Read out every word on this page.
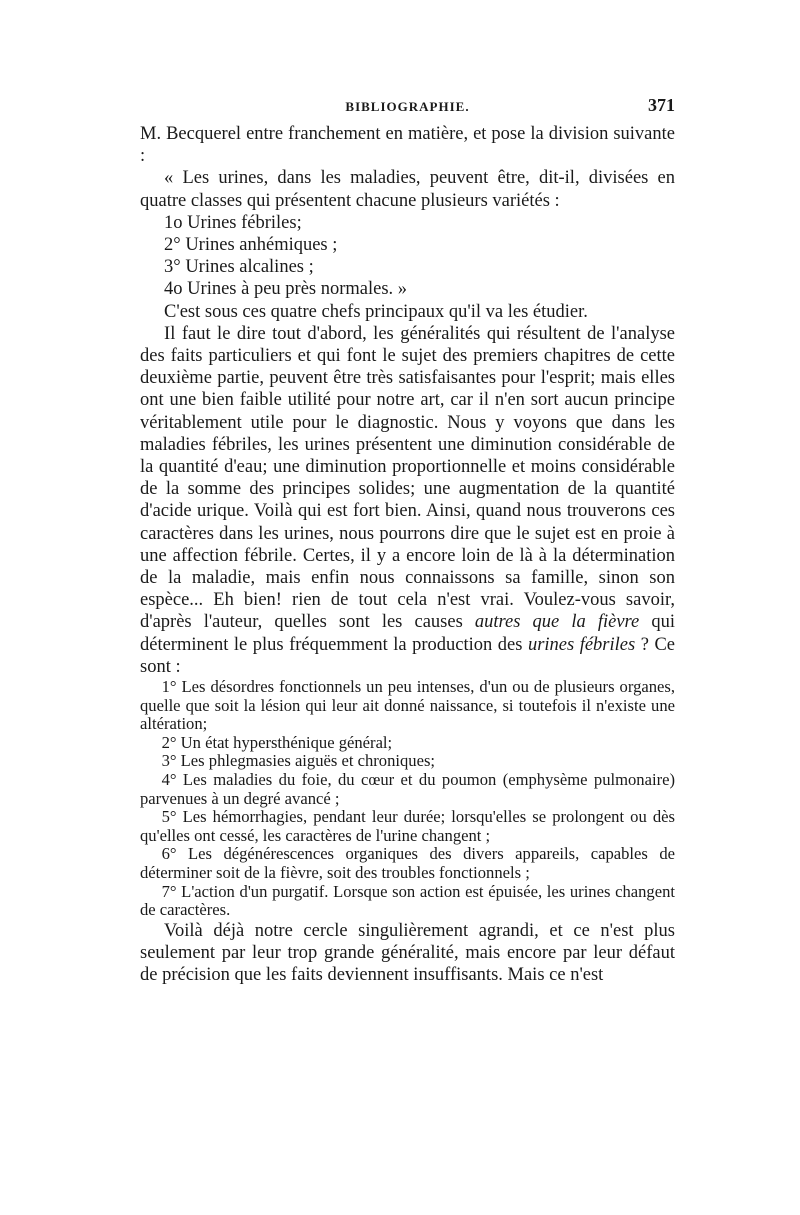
BIBLIOGRAPHIE.	371

M. Becquerel entre franchement en matière, et pose la division suivante :

« Les urines, dans les maladies, peuvent être, dit-il, divisées en quatre classes qui présentent chacune plusieurs variétés :

1o Urines fébriles;

2° Urines anhémiques ;

3° Urines alcalines ;

4o Urines à peu près normales. »

C'est sous ces quatre chefs principaux qu'il va les étudier.

Il faut le dire tout d'abord, les généralités qui résultent de l'analyse des faits particuliers et qui font le sujet des premiers chapitres de cette deuxième partie, peuvent être très satisfaisantes pour l'esprit; mais elles ont une bien faible utilité pour notre art, car il n'en sort aucun principe véritablement utile pour le diagnostic. Nous y voyons que dans les maladies fébriles, les urines présentent une diminution considérable de la quantité d'eau; une diminution proportionnelle et moins considérable de la somme des principes solides; une augmentation de la quantité d'acide urique. Voilà qui est fort bien. Ainsi, quand nous trouverons ces caractères dans les urines, nous pourrons dire que le sujet est en proie à une affection fébrile. Certes, il y a encore loin de là à la détermination de la maladie, mais enfin nous connaissons sa famille, sinon son espèce... Eh bien! rien de tout cela n'est vrai. Voulez-vous savoir, d'après l'auteur, quelles sont les causes autres que la fièvre qui déterminent le plus fréquemment la production des urines fébriles ? Ce sont :

1° Les désordres fonctionnels un peu intenses, d'un ou de plusieurs organes, quelle que soit la lésion qui leur ait donné naissance, si toutefois il n'existe une altération;

2° Un état hypersthénique général;

3° Les phlegmasies aiguës et chroniques;

4° Les maladies du foie, du cœur et du poumon (emphysème pulmonaire) parvenues à un degré avancé ;

5° Les hémorrhagies, pendant leur durée; lorsqu'elles se prolongent ou dès qu'elles ont cessé, les caractères de l'urine changent ;

6° Les dégénérescences organiques des divers appareils, capables de déterminer soit de la fièvre, soit des troubles fonctionnels ;

7° L'action d'un purgatif. Lorsque son action est épuisée, les urines changent de caractères.

Voilà déjà notre cercle singulièrement agrandi, et ce n'est plus seulement par leur trop grande généralité, mais encore par leur défaut de précision que les faits deviennent insuffisants. Mais ce n'est
